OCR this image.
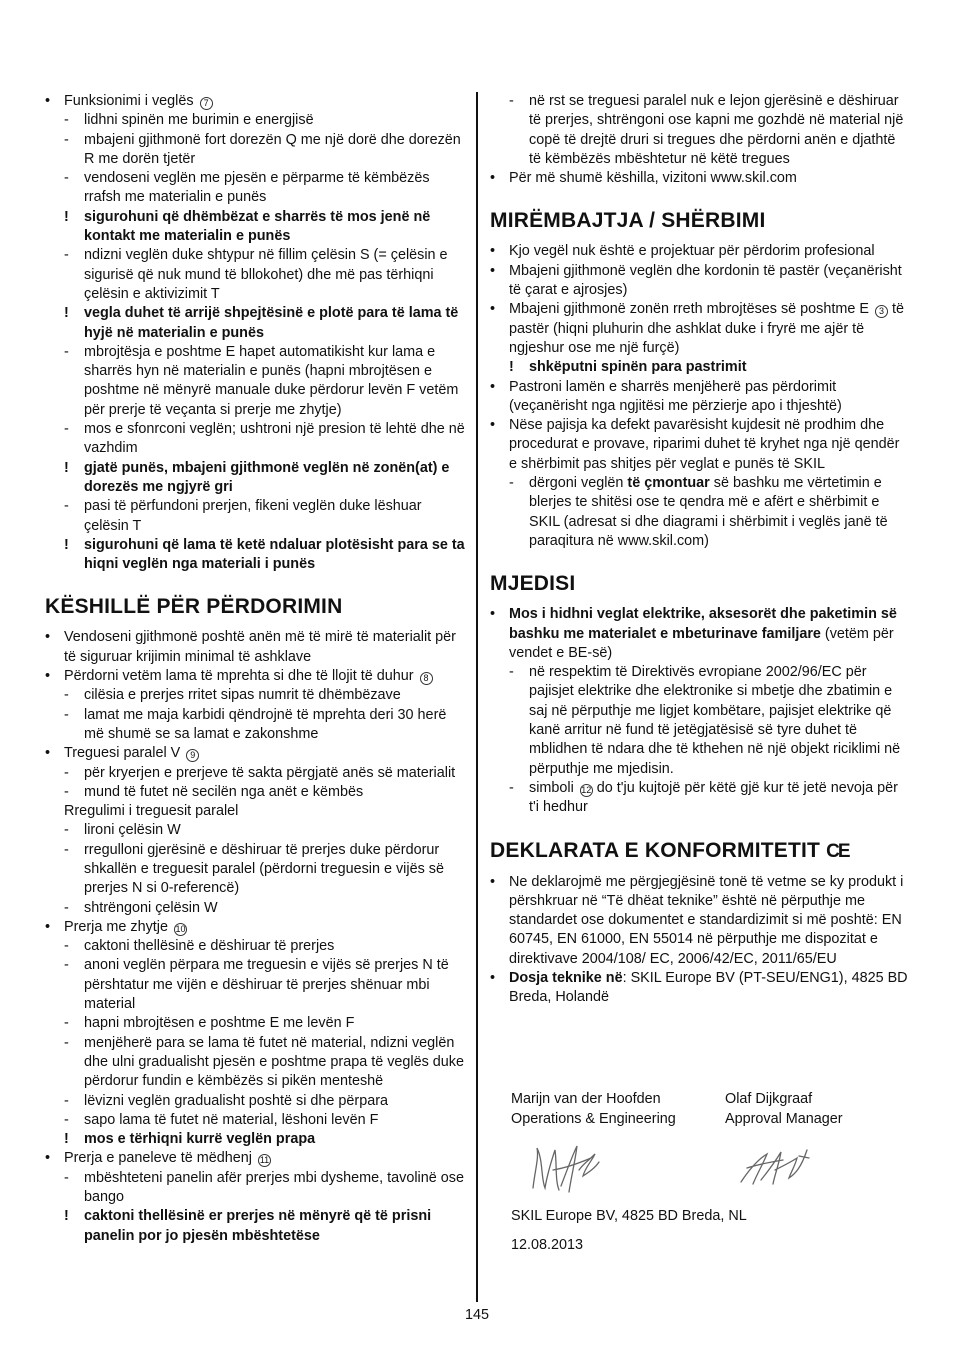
• Funksionimi i veglës 7
- lidhni spinën me burimin e energjisë
- mbajeni gjithmonë fort dorezën Q me një dorë dhe dorezën R me dorën tjetër
- vendoseni veglën me pjesën e përparme të këmbëzës rrafsh me materialin e punës
! sigurohuni që dhëmbëzat e sharrës të mos jenë në kontakt me materialin e punës
- ndizni veglën duke shtypur në fillim çelësin S (= çelësin e sigurisë që nuk mund të bllokohet) dhe më pas tërhiqni çelësin e aktivizimit T
! vegla duhet të arrijë shpejtësinë e plotë para të lama të hyjë në materialin e punës
- mbrojtësja e poshtme E hapet automatikisht kur lama e sharrës hyn në materialin e punës (hapni mbrojtësen e poshtme në mënyrë manuale duke përdorur levën F vetëm për prerje të veçanta si prerje me zhytje)
- mos e sfonrconi veglën; ushtroni një presion të lehtë dhe në vazhdim
! gjatë punës, mbajeni gjithmonë veglën në zonën(at) e dorezës me ngjyrë gri
- pasi të përfundoni prerjen, fikeni veglën duke lëshuar çelësin T
! sigurohuni që lama të ketë ndaluar plotësisht para se ta hiqni veglën nga materiali i punës
KËSHILLË PËR PËRDORIMIN
• Vendoseni gjithmonë poshtë anën më të mirë të materialit për të siguruar krijimin minimal të ashklave
• Përdorni vetëm lama të mprehta si dhe të llojit të duhur 8
- cilësia e prerjes rritet sipas numrit të dhëmbëzave
- lamat me maja karbidi qëndrojnë të mprehta deri 30 herë më shumë se sa lamat e zakonshme
• Treguesi paralel V 9
- për kryerjen e prerjeve të sakta përgjatë anës së materialit
- mund të futet në secilën nga anët e këmbës
Rregulimi i treguesit paralel
- lironi çelësin W
- rregulloni gjerësinë e dëshiruar të prerjes duke përdorur shkallën e treguesit paralel (përdorni treguesin e vijës së prerjes N si 0-referencë)
- shtrëngoni çelësin W
• Prerja me zhytje 10
- caktoni thellësinë e dëshiruar të prerjes
- anoni veglën përpara me treguesin e vijës së prerjes N të përshtatur me vijën e dëshiruar të prerjes shënuar mbi material
- hapni mbrojtësen e poshtme E me levën F
- menjëherë para se lama të futet në material, ndizni veglën dhe ulni gradualisht pjesën e poshtme prapa të veglës duke përdorur fundin e këmbëzës si pikën menteshë
- lëvizni veglën gradualisht poshtë si dhe përpara
- sapo lama të futet në material, lëshoni levën F
! mos e tërhiqni kurrë veglën prapa
• Prerja e paneleve të mëdhenj 11
- mbështeteni panelin afër prerjes mbi dysheme, tavolinë ose bango
! caktoni thellësinë er prerjes në mënyrë që të prisni panelin por jo pjesën mbështetëse
- në rst se treguesi paralel nuk e lejon gjerësinë e dëshiruar të prerjes, shtrëngoni ose kapni me gozhdë në material një copë të drejtë druri si tregues dhe përdorni anën e djathtë të këmbëzës mbështetur në këtë tregues
• Për më shumë këshilla, vizitoni www.skil.com
MIRËMBAJTJA / SHËRBIMI
• Kjo vegël nuk është e projektuar për përdorim profesional
• Mbajeni gjithmonë veglën dhe kordonin të pastër (veçanërisht të çarat e ajrosjes)
• Mbajeni gjithmonë zonën rreth mbrojtëses së poshtme E 3 të pastër (hiqni pluhurin dhe ashklat duke i fryrë me ajër të ngjeshur ose me një furçë)
! shkëputni spinën para pastrimit
• Pastroni lamën e sharrës menjëherë pas përdorimit (veçanërisht nga ngjitësi me përzierje apo i thjeshtë)
• Nëse pajisja ka defekt pavarësisht kujdesit në prodhim dhe procedurat e provave, riparimi duhet të kryhet nga një qendër e shërbimit pas shitjes për veglat e punës të SKIL
- dërgoni veglën të çmontuar së bashku me vërtetimin e blerjes te shitësi ose te qendra më e afërt e shërbimit e SKIL (adresat si dhe diagrami i shërbimit i veglës janë të paraqitura në www.skil.com)
MJEDISI
• Mos i hidhni veglat elektrike, aksesorët dhe paketimin së bashku me materialet e mbeturinave familjare (vetëm për vendet e BE-së)
- në respektim të Direktivës evropiane 2002/96/EC për pajisjet elektrike dhe elektronike si mbetje dhe zbatimin e saj në përputhje me ligjet kombëtare, pajisjet elektrike që kanë arritur në fund të jetëgjatësisë së tyre duhet të mblidhen të ndara dhe të kthehen në një objekt riciklimi në përputhje me mjedisin.
- simboli 12 do t'ju kujtojë për këtë gjë kur të jetë nevoja për t'i hedhur
DEKLARATA E KONFORMITETIT CE
• Ne deklarojmë me përgjegjësinë tonë të vetme se ky produkt i përshkruar në “Të dhëat teknike” është në përputhje me standardet ose dokumentet e standardizimit si më poshtë: EN 60745, EN 61000, EN 55014 në përputhje me dispozitat e direktivave 2004/108/ EC, 2006/42/EC, 2011/65/EU
• Dosja teknike në: SKIL Europe BV (PT-SEU/ENG1), 4825 BD Breda, Holandë
Marijn van der Hoofden
Operations & Engineering
Olaf Dijkgraaf
Approval Manager
SKIL Europe BV, 4825 BD Breda, NL
12.08.2013
145
